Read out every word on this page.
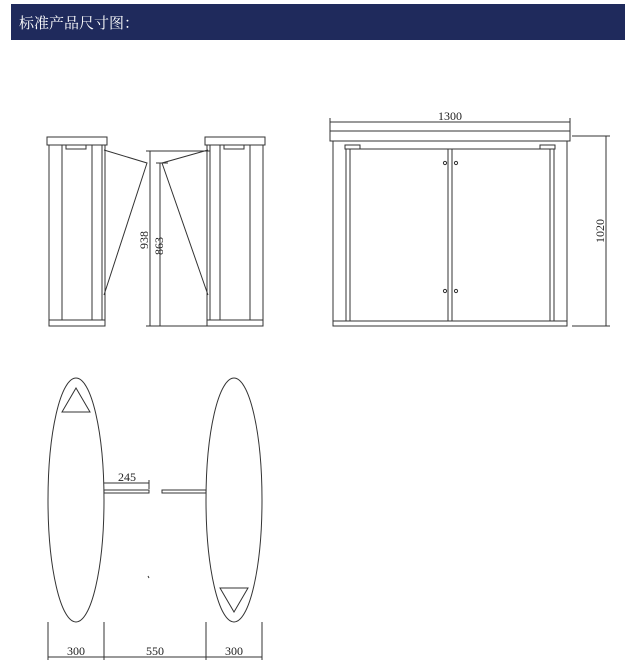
标准产品尺寸图：
938 863
1300
1020
245
300	550	300
